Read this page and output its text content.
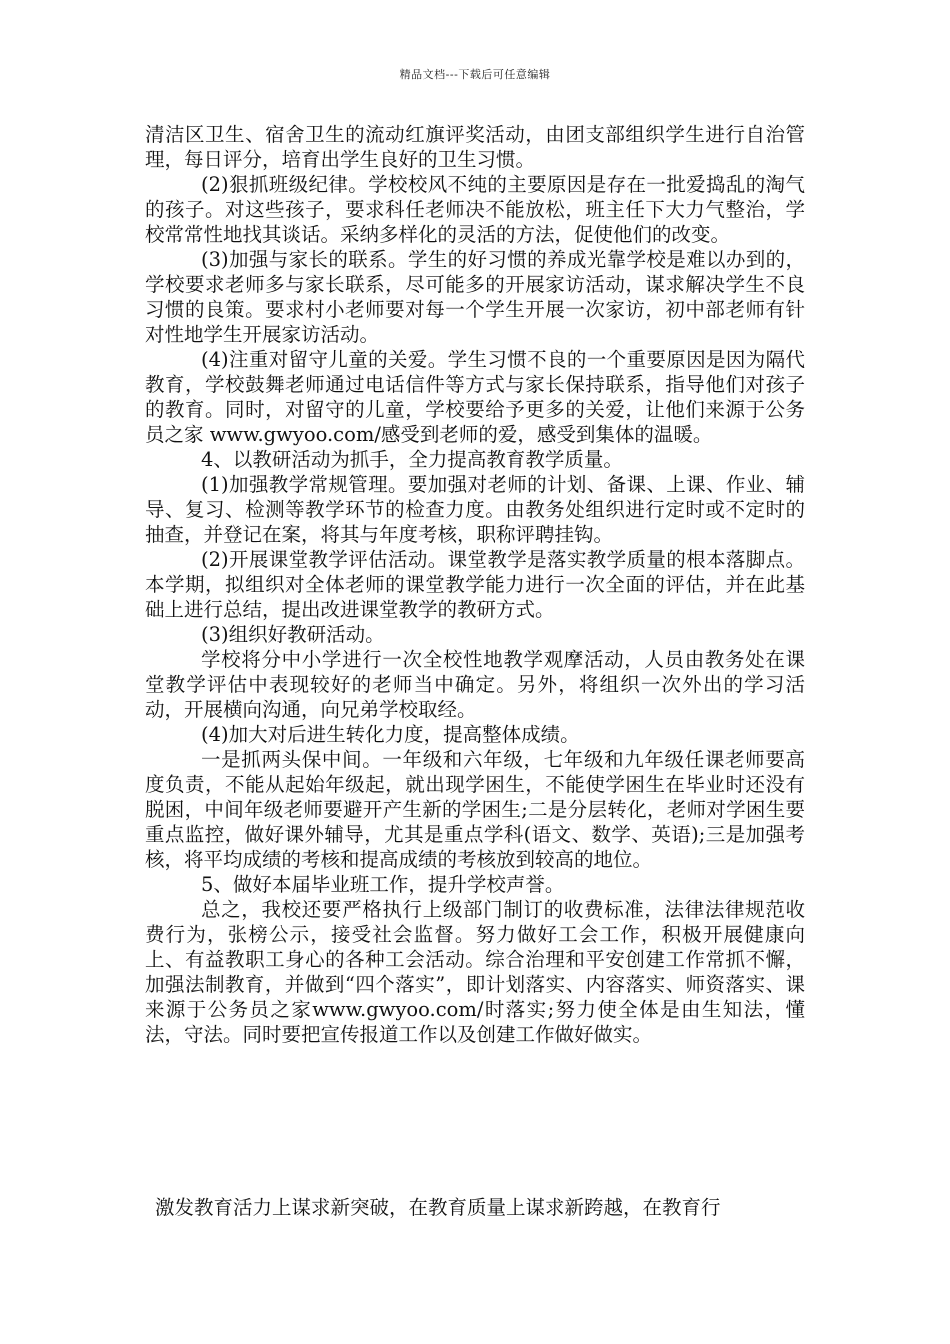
精品文档---下载后可任意编辑

清洁区卫生、宿舍卫生的流动红旗评奖活动，由团支部组织学生进行自治管理，每日评分，培育出学生良好的卫生习惯。

(2)狠抓班级纪律。学校校风不纯的主要原因是存在一批爱捣乱的淘气的孩子。对这些孩子，要求科任老师决不能放松，班主任下大力气整治，学校常常性地找其谈话。采纳多样化的灵活的方法，促使他们的改变。

(3)加强与家长的联系。学生的好习惯的养成光靠学校是难以办到的，学校要求老师多与家长联系，尽可能多的开展家访活动，谋求解决学生不良习惯的良策。要求村小老师要对每一个学生开展一次家访，初中部老师有针对性地学生开展家访活动。

(4)注重对留守儿童的关爱。学生习惯不良的一个重要原因是因为隔代教育，学校鼓舞老师通过电话信件等方式与家长保持联系，指导他们对孩子的教育。同时，对留守的儿童，学校要给予更多的关爱，让他们来源于公务员之家 www.gwyoo.com/感受到老师的爱，感受到集体的温暖。

4、以教研活动为抓手，全力提高教育教学质量。

(1)加强教学常规管理。要加强对老师的计划、备课、上课、作业、辅导、复习、检测等教学环节的检查力度。由教务处组织进行定时或不定时的抽查，并登记在案，将其与年度考核，职称评聘挂钩。

(2)开展课堂教学评估活动。课堂教学是落实教学质量的根本落脚点。本学期，拟组织对全体老师的课堂教学能力进行一次全面的评估，并在此基础上进行总结，提出改进课堂教学的教研方式。

(3)组织好教研活动。

学校将分中小学进行一次全校性地教学观摩活动，人员由教务处在课堂教学评估中表现较好的老师当中确定。另外，将组织一次外出的学习活动，开展横向沟通，向兄弟学校取经。

(4)加大对后进生转化力度，提高整体成绩。

一是抓两头保中间。一年级和六年级，七年级和九年级任课老师要高度负责，不能从起始年级起，就出现学困生，不能使学困生在毕业时还没有脱困，中间年级老师要避开产生新的学困生;二是分层转化，老师对学困生要重点监控，做好课外辅导，尤其是重点学科(语文、数学、英语);三是加强考核，将平均成绩的考核和提高成绩的考核放到较高的地位。

5、做好本届毕业班工作，提升学校声誉。

总之，我校还要严格执行上级部门制订的收费标准，法律法律规范收费行为，张榜公示，接受社会监督。努力做好工会工作，积极开展健康向上、有益教职工身心的各种工会活动。综合治理和平安创建工作常抓不懈，加强法制教育，并做到“四个落实”，即计划落实、内容落实、师资落实、课来源于公务员之家www.gwyoo.com/时落实;努力使全体是由生知法，懂法，守法。同时要把宣传报道工作以及创建工作做好做实。

激发教育活力上谋求新突破，在教育质量上谋求新跨越，在教育行
